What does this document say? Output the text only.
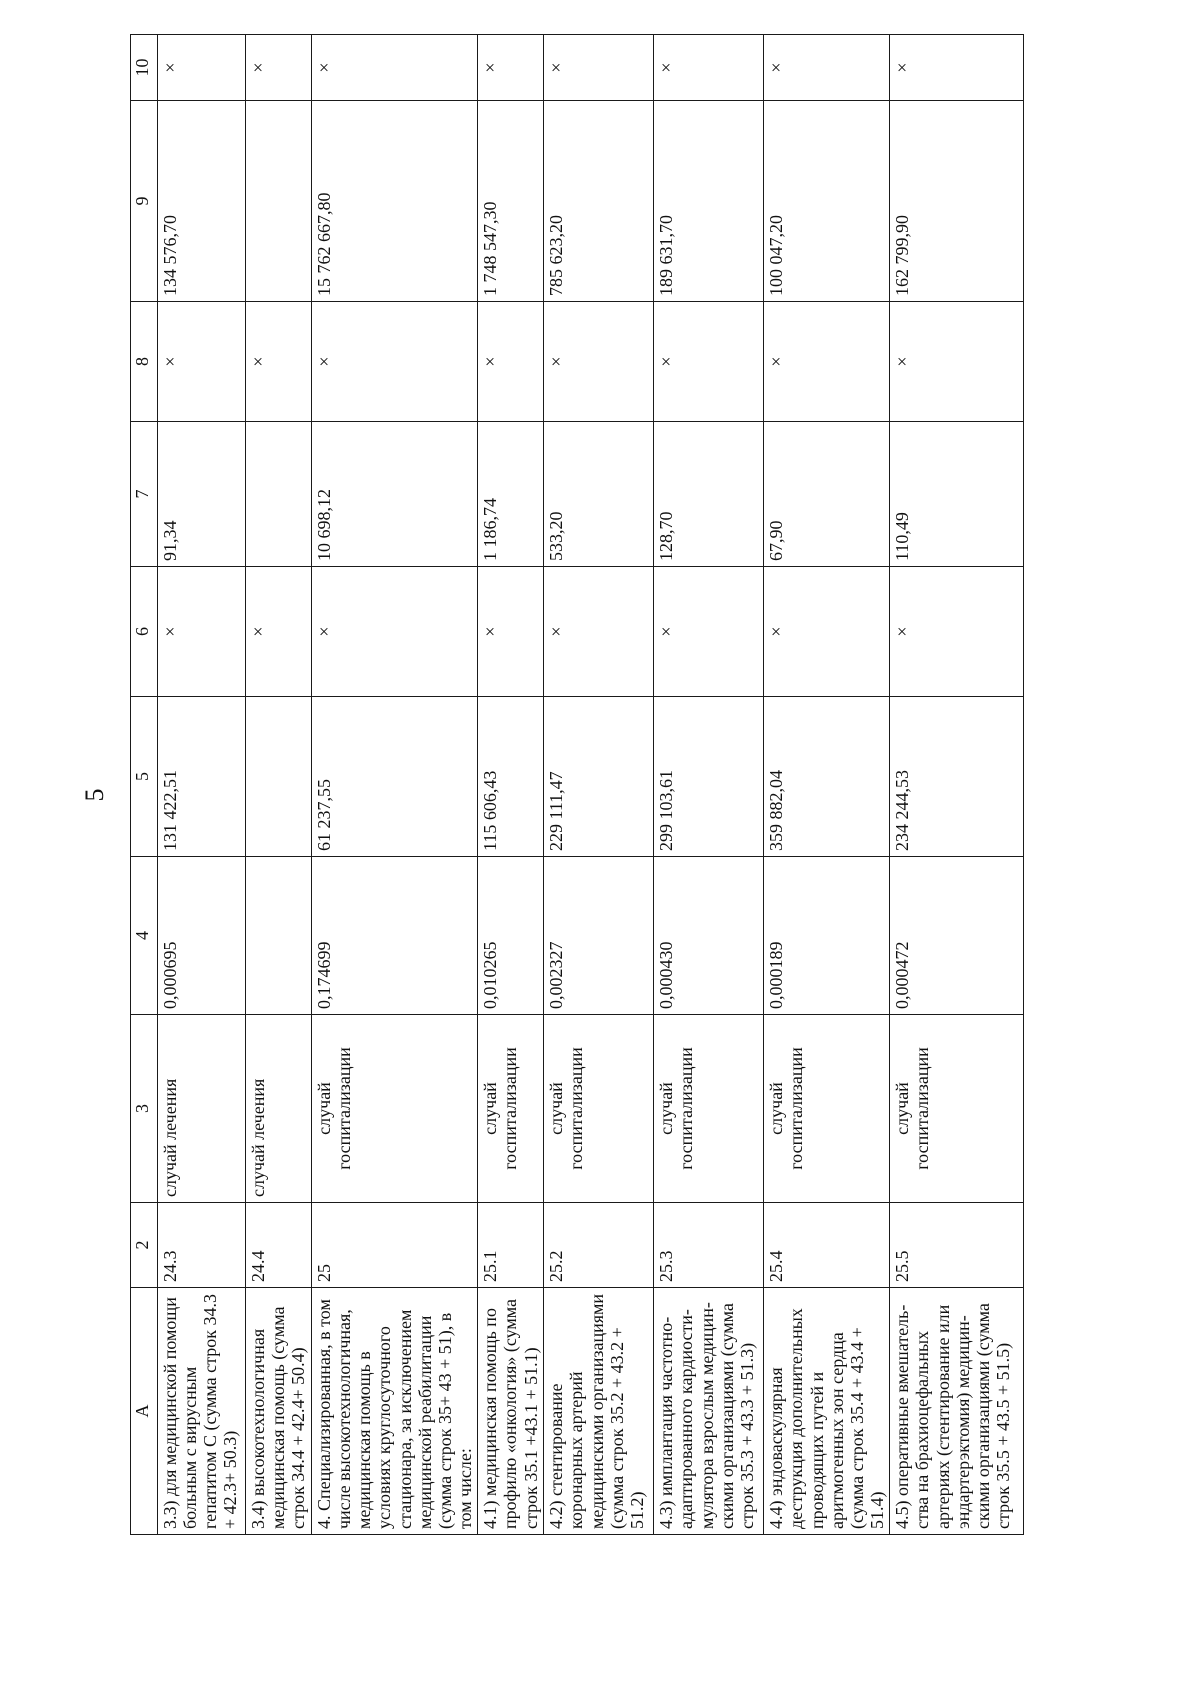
5
А	2	3	4	5	6	7	8	9	10
3.3) для медицинской помощи больным с вирусным гепатитом С (сумма строк 34.3 + 42.3+ 50.3)	24.3	случай лечения	0,000695	131 422,51	×	91,34	×	134 576,70	×
3.4) высокотехнологичная медицинская помощь (сумма строк 34.4 + 42.4+ 50.4)	24.4	случай лечения			×		×		×
4. Специализированная, в том числе высокотехнологичная, медицинская помощь в условиях круглосуточного стационара, за исключением медицинской реабилитации (сумма строк 35+ 43 + 51), в том числе:	25	случай госпитализации	0,174699	61 237,55	×	10 698,12	×	15 762 667,80	×
4.1) медицинская помощь по профилю «онкология» (сумма строк 35.1 +43.1 + 51.1)	25.1	случай госпитализации	0,010265	115 606,43	×	1 186,74	×	1 748 547,30	×
4.2) стентирование коронарных артерий медицинскими организациями (сумма строк 35.2 + 43.2 + 51.2)	25.2	случай госпитализации	0,002327	229 111,47	×	533,20	×	785 623,20	×
4.3) имплантация частотно-адаптированного кардиости-мулятора взрослым медицин-скими организациями (сумма строк 35.3 + 43.3 + 51.3)	25.3	случай госпитализации	0,000430	299 103,61	×	128,70	×	189 631,70	×
4.4) эндоваскулярная деструкция дополнительных проводящих путей и аритмогенных зон сердца (сумма строк 35.4 + 43.4 + 51.4)	25.4	случай госпитализации	0,000189	359 882,04	×	67,90	×	100 047,20	×
4.5) оперативные вмешатель-ства на брахиоцефальных артериях (стентирование или эндартерэктомия) медицин-скими организациями (сумма строк 35.5 + 43.5 + 51.5)	25.5	случай госпитализации	0,000472	234 244,53	×	110,49	×	162 799,90	×
